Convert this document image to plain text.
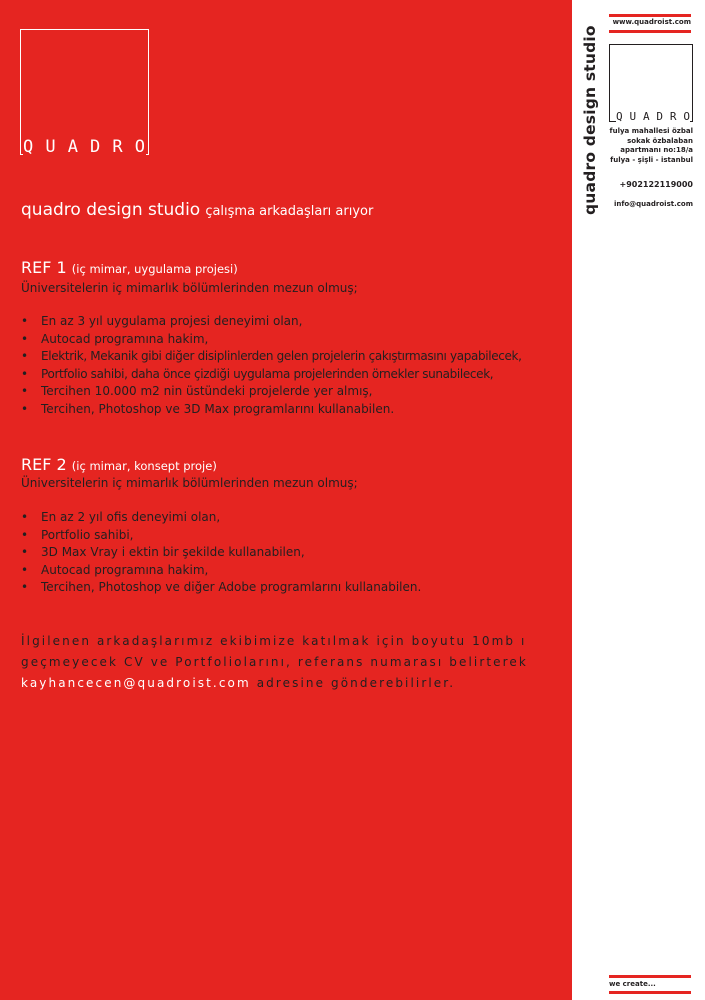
Q U A D R O
quadro design studio çalışma arkadaşları arıyor
REF 1 (iç mimar, uygulama projesi)
Üniversitelerin iç mimarlık bölümlerinden mezun olmuş;
• En az 3 yıl uygulama projesi deneyimi olan,
• Autocad programına hakim,
• Elektrik, Mekanik gibi diğer disiplinlerden gelen projelerin çakıştırmasını yapabilecek,
• Portfolio sahibi, daha önce çizdiği uygulama projelerinden örnekler sunabilecek,
• Tercihen 10.000 m2 nin üstündeki projelerde yer almış,
• Tercihen, Photoshop ve 3D Max programlarını kullanabilen.
REF 2 (iç mimar, konsept proje)
Üniversitelerin iç mimarlık bölümlerinden mezun olmuş;
• En az 2 yıl ofis deneyimi olan,
• Portfolio sahibi,
• 3D Max Vray i ektin bir şekilde kullanabilen,
• Autocad programına hakim,
• Tercihen, Photoshop ve diğer Adobe programlarını kullanabilen.
İlgilenen arkadaşlarımız ekibimize katılmak için boyutu 10mb ı geçmeyecek CV ve Portfoliolarını, referans numarası belirterek kayhancecen@quadroist.com adresine gönderebilirler.
www.quadroist.com
quadro design studio Q U A D R O
fulya mahallesi özbal
sokak özbalaban
apartmanı no:18/a
fulya - şişli - istanbul
+902122119000
info@quadroist.com
we create...
